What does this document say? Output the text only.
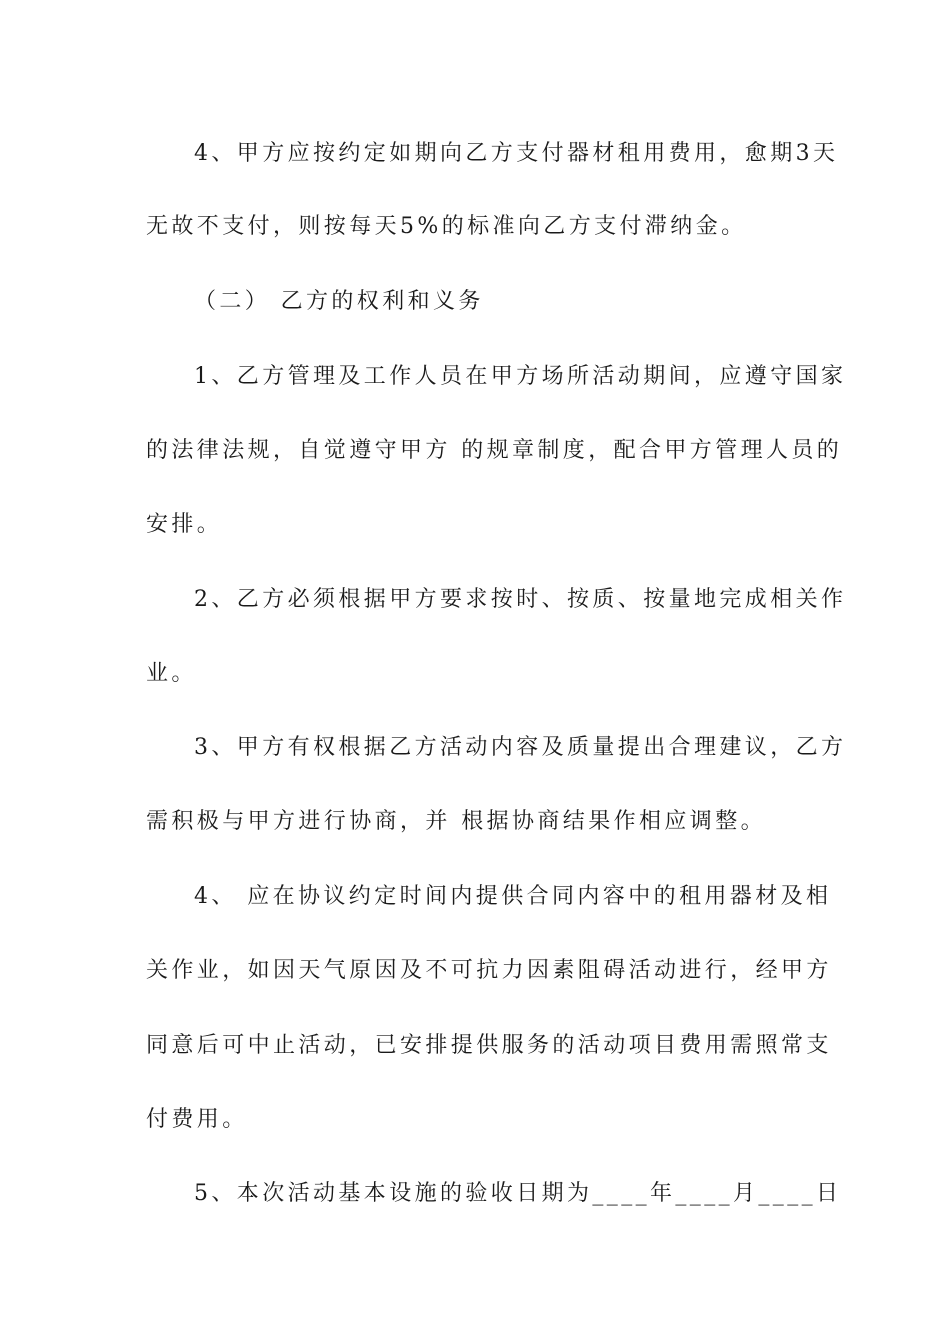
4、甲方应按约定如期向乙方支付器材租用费用，愈期3天
无故不支付，则按每天5%的标准向乙方支付滞纳金。
（二） 乙方的权利和义务
1、乙方管理及工作人员在甲方场所活动期间，应遵守国家
的法律法规，自觉遵守甲方 的规章制度，配合甲方管理人员的
安排。
2、乙方必须根据甲方要求按时、按质、按量地完成相关作
业。
3、甲方有权根据乙方活动内容及质量提出合理建议，乙方
需积极与甲方进行协商，并 根据协商结果作相应调整。
4、 应在协议约定时间内提供合同内容中的租用器材及相
关作业，如因天气原因及不可抗力因素阻碍活动进行，经甲方
同意后可中止活动，已安排提供服务的活动项目费用需照常支
付费用。
5、本次活动基本设施的验收日期为____年____月____日
